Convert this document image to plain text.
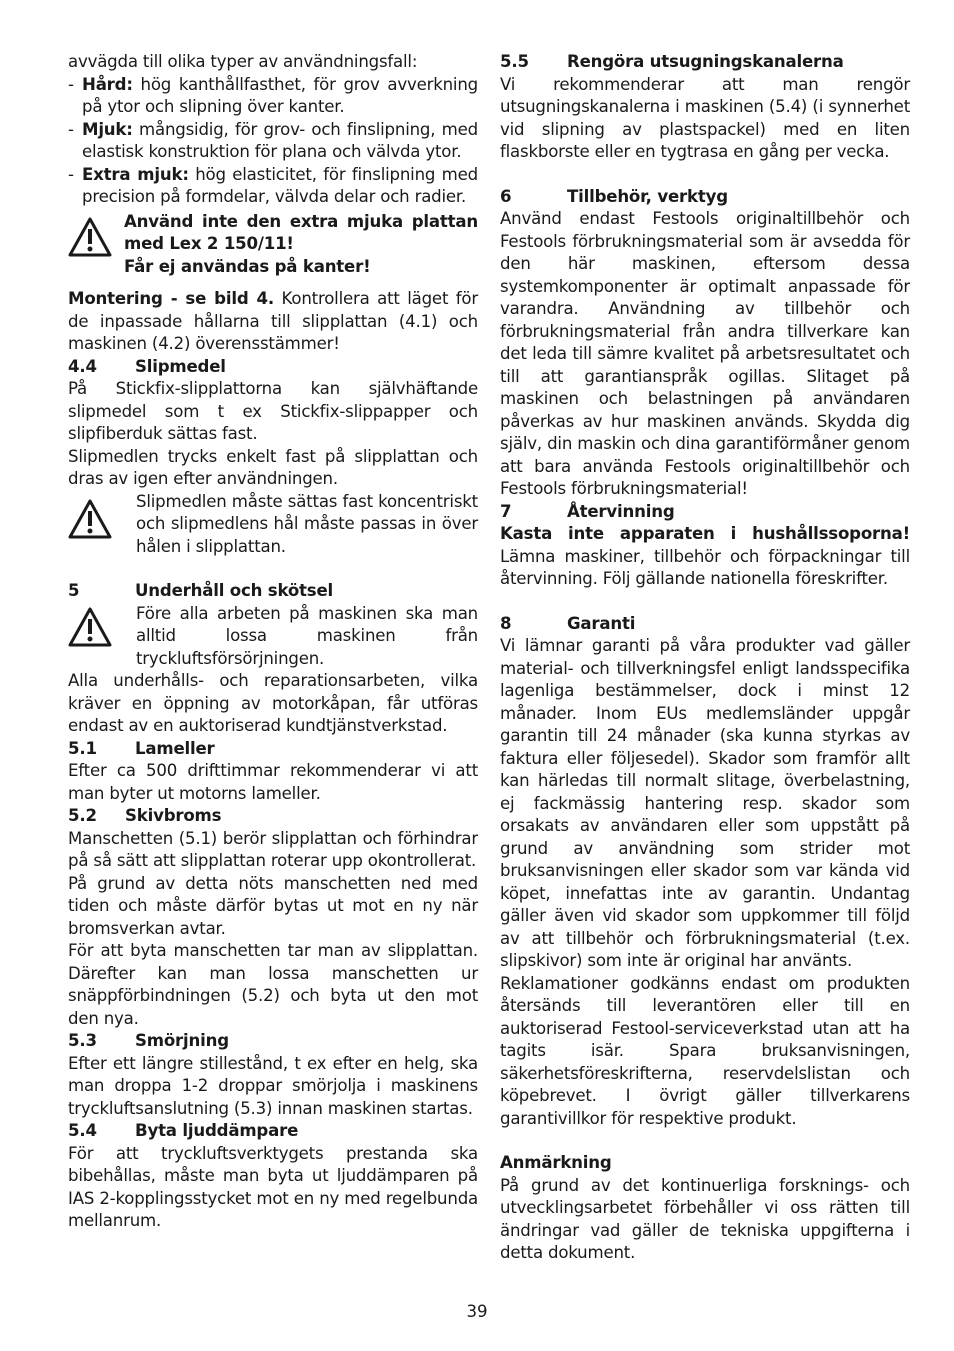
avvägda till olika typer av användningsfall:

- Hård: hög kanthållfasthet, för grov avverkning på ytor och slipning över kanter.

- Mjuk: mångsidig, för grov- och finslipning, med elastisk konstruktion för plana och välvda ytor.

- Extra mjuk: hög elasticitet, för finslipning med precision på formdelar, välvda delar och radier.

Använd inte den extra mjuka plattan med Lex 2 150/11!

Får ej användas på kanter!

Montering - se bild 4. Kontrollera att läget för de inpassade hållarna till slipplattan (4.1) och maskinen (4.2) överensstämmer!

4.4	Slipmedel

På Stickfix-slipplattorna kan självhäftande slipmedel som t ex Stickfix-slippapper och slipfiberduk sättas fast.

Slipmedlen trycks enkelt fast på slipplattan och dras av igen efter användningen.

Slipmedlen måste sättas fast koncentriskt och slipmedlens hål måste passas in över hålen i slipplattan.

5	Underhåll och skötsel

Före alla arbeten på maskinen ska man alltid lossa maskinen från tryckluftsförsörjningen.

Alla underhålls- och reparationsarbeten, vilka kräver en öppning av motorkåpan, får utföras endast av en auktoriserad kundtjänstverkstad.

5.1	Lameller

Efter ca 500 drifttimmar rekommenderar vi att man byter ut motorns lameller.

5.2	Skivbroms

Manschetten (5.1) berör slipplattan och förhindrar på så sätt att slipplattan roterar upp okontrollerat.

På grund av detta nöts manschetten ned med tiden och måste därför bytas ut mot en ny när bromsverkan avtar.

För att byta manschetten tar man av slipplattan. Därefter kan man lossa manschetten ur snäppförbindningen (5.2) och byta ut den mot den nya.

5.3	Smörjning

Efter ett längre stillestånd, t ex efter en helg, ska man droppa 1-2 droppar smörjolja i maskinens tryckluftsanslutning (5.3) innan maskinen startas.

5.4	Byta ljuddämpare

För att tryckluftsverktygets prestanda ska bibehållas, måste man byta ut ljuddämparen på IAS 2-kopplingsstycket mot en ny med regelbunda mellanrum.

5.5	Rengöra utsugningskanalerna

Vi rekommenderar att man rengör utsugningskanalerna i maskinen (5.4) (i synnerhet vid slipning av plastspackel) med en liten flaskborste eller en tygtrasa en gång per vecka.

6	Tillbehör, verktyg

Använd endast Festools originaltillbehör och Festools förbrukningsmaterial som är avsedda för den här maskinen, eftersom dessa systemkomponenter är optimalt anpassade för varandra. Användning av tillbehör och förbrukningsmaterial från andra tillverkare kan det leda till sämre kvalitet på arbetsresultatet och till att garantianspråk ogillas. Slitaget på maskinen och belastningen på användaren påverkas av hur maskinen används. Skydda dig själv, din maskin och dina garantiförmåner genom att bara använda Festools originaltillbehör och Festools förbrukningsmaterial!

7	Återvinning

Kasta inte apparaten i hushållssoporna! Lämna maskiner, tillbehör och förpackningar till återvinning. Följ gällande nationella föreskrifter.

8	Garanti

Vi lämnar garanti på våra produkter vad gäller material- och tillverkningsfel enligt landsspecifika lagenliga bestämmelser, dock i minst 12 månader. Inom EUs medlemsländer uppgår garantin till 24 månader (ska kunna styrkas av faktura eller följesedel). Skador som framför allt kan härledas till normalt slitage, överbelastning, ej fackmässig hantering resp. skador som orsakats av användaren eller som uppstått på grund av användning som strider mot bruksanvisningen eller skador som var kända vid köpet, innefattas inte av garantin. Undantag gäller även vid skador som uppkommer till följd av att tillbehör och förbrukningsmaterial (t.ex. slipskivor) som inte är original har använts.

Reklamationer godkänns endast om produkten återsänds till leverantören eller till en auktoriserad Festool-serviceverkstad utan att ha tagits isär. Spara bruksanvisningen, säkerhetsföreskrifterna, reservdelslistan och köpebrevet. I övrigt gäller tillverkarens garantivillkor för respektive produkt.

Anmärkning

På grund av det kontinuerliga forsknings- och utvecklingsarbetet förbehåller vi oss rätten till ändringar vad gäller de tekniska uppgifterna i detta dokument.

39
